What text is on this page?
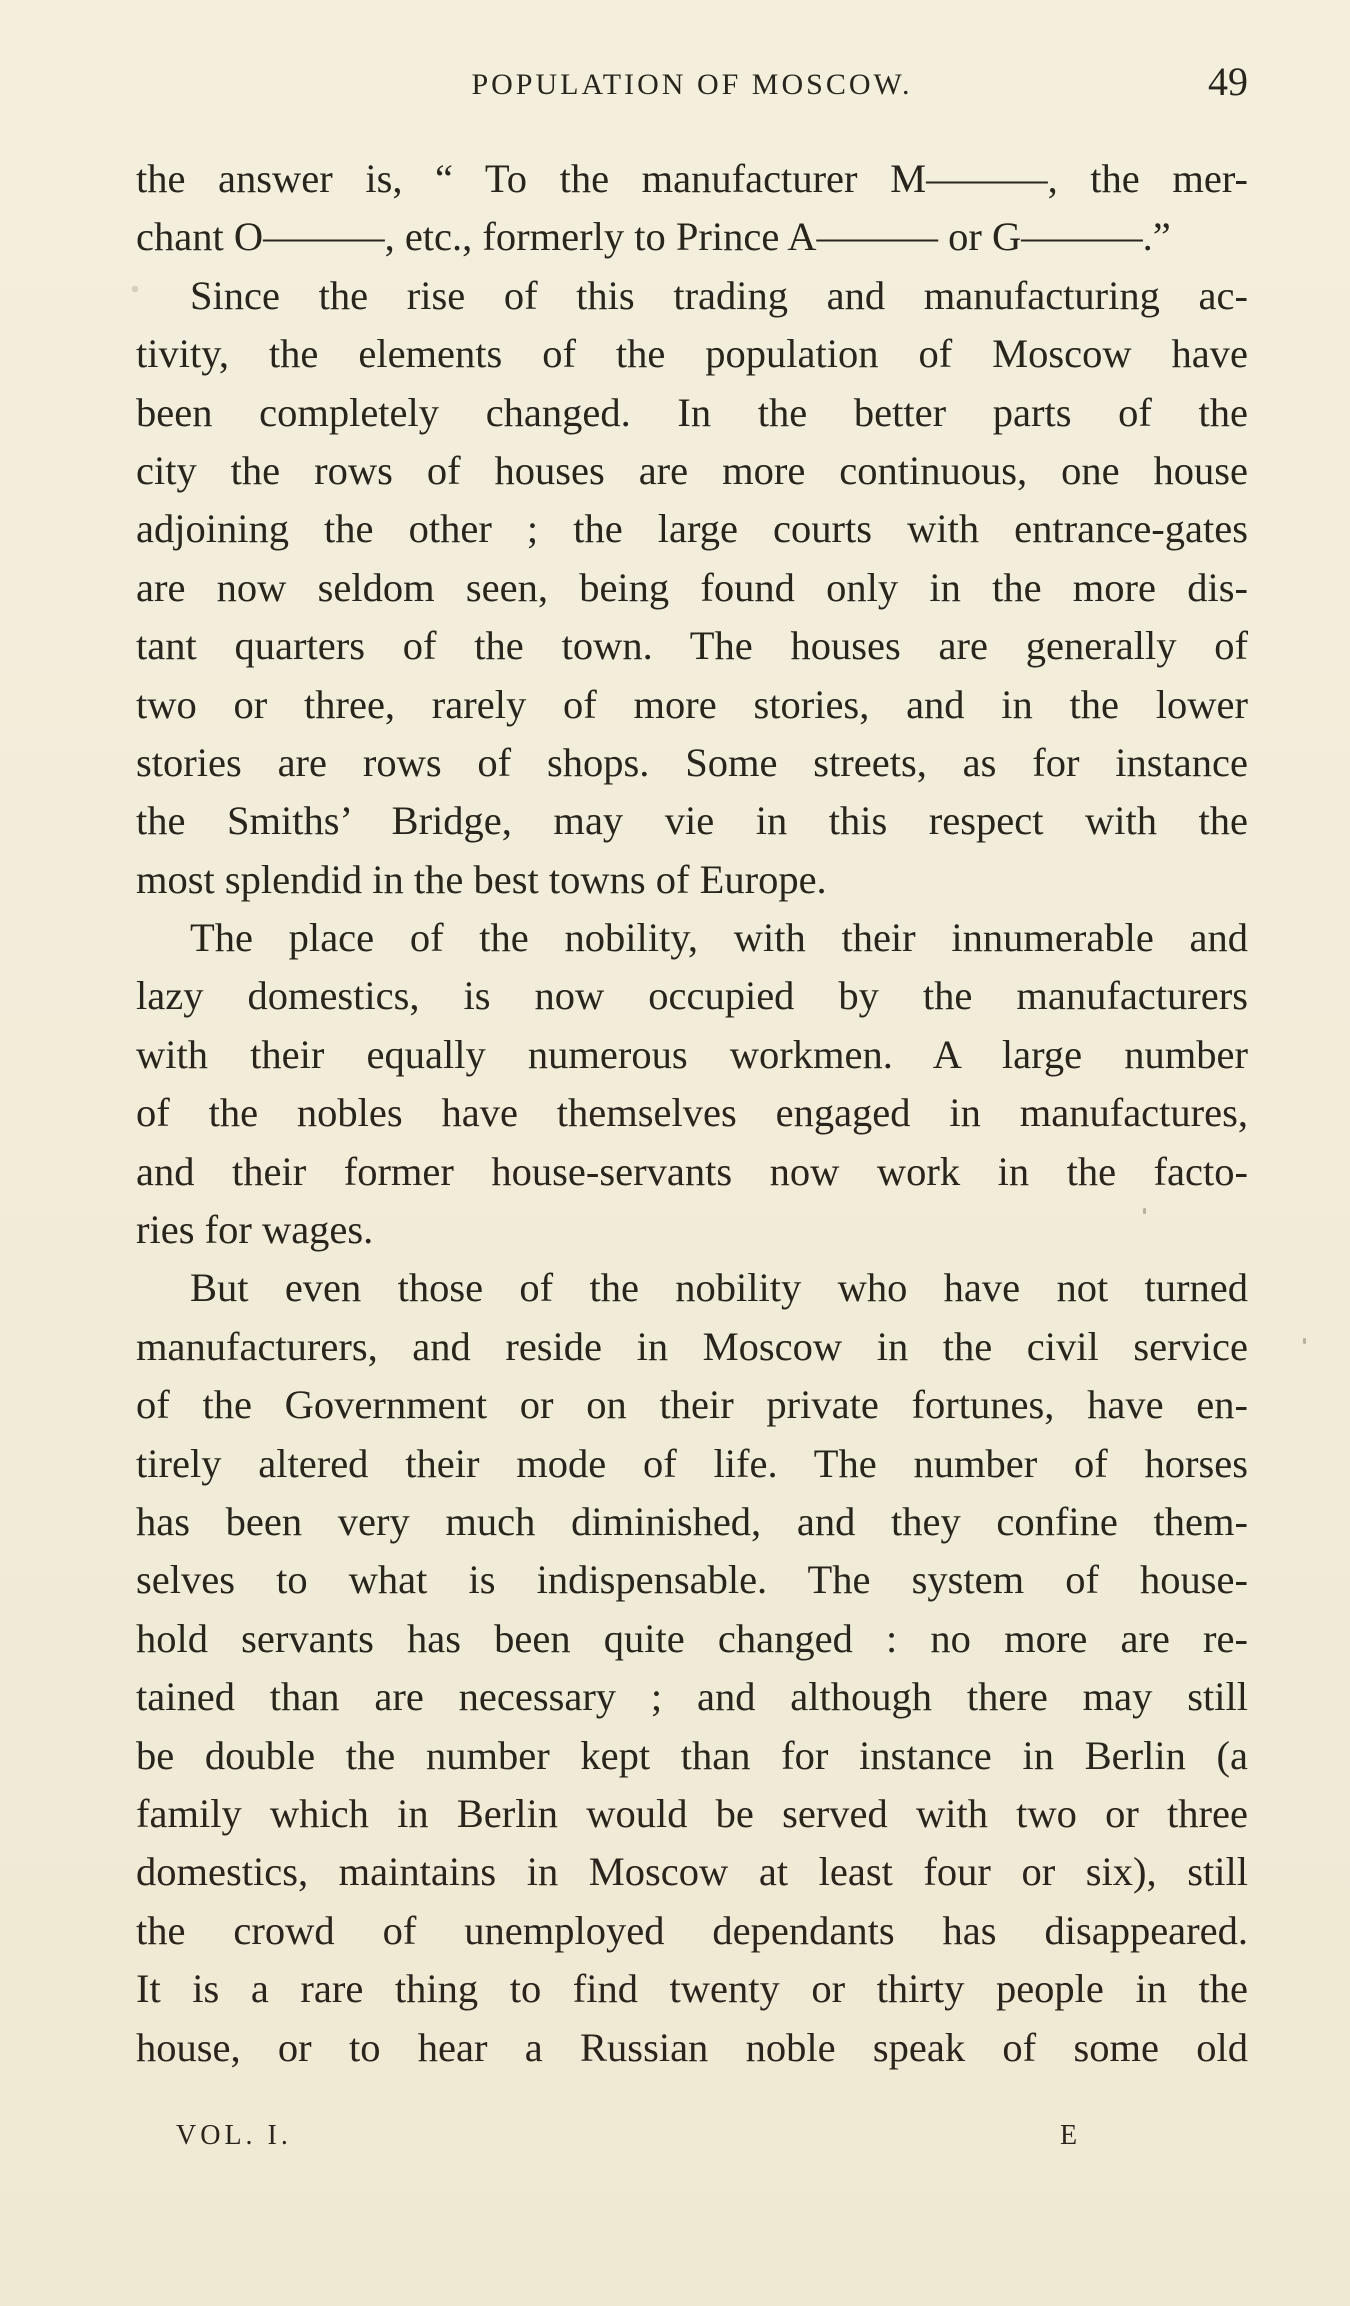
POPULATION OF MOSCOW.	49
the answer is, “ To the manufacturer M———, the mer-
chant O———, etc., formerly to Prince A——— or G———.”
Since the rise of this trading and manufacturing ac-
tivity, the elements of the population of Moscow have
been completely changed. In the better parts of the
city the rows of houses are more continuous, one house
adjoining the other ; the large courts with entrance-gates
are now seldom seen, being found only in the more dis-
tant quarters of the town. The houses are generally of
two or three, rarely of more stories, and in the lower
stories are rows of shops. Some streets, as for instance
the Smiths’ Bridge, may vie in this respect with the
most splendid in the best towns of Europe.
The place of the nobility, with their innumerable and
lazy domestics, is now occupied by the manufacturers
with their equally numerous workmen. A large number
of the nobles have themselves engaged in manufactures,
and their former house-servants now work in the facto-
ries for wages.
But even those of the nobility who have not turned
manufacturers, and reside in Moscow in the civil service
of the Government or on their private fortunes, have en-
tirely altered their mode of life. The number of horses
has been very much diminished, and they confine them-
selves to what is indispensable. The system of house-
hold servants has been quite changed : no more are re-
tained than are necessary ; and although there may still
be double the number kept than for instance in Berlin (a
family which in Berlin would be served with two or three
domestics, maintains in Moscow at least four or six), still
the crowd of unemployed dependants has disappeared.
It is a rare thing to find twenty or thirty people in the
house, or to hear a Russian noble speak of some old
VOL. I.	E
